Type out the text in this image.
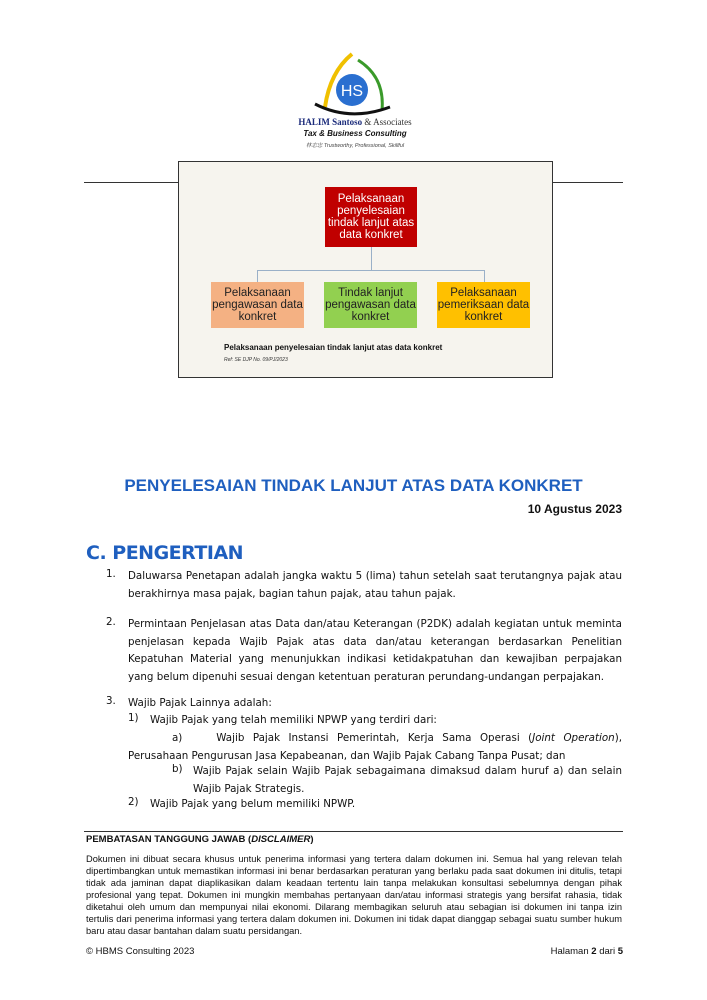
HS
HALIM Santoso & Associates
Tax & Business Consulting
林志忠 Trustworthy, Professional, Skillful
Pelaksanaan penyelesaian tindak lanjut atas data konkret
Pelaksanaan pengawasan data konkret
Tindak lanjut pengawasan data konkret
Pelaksanaan pemeriksaan data konkret
Pelaksanaan penyelesaian tindak lanjut atas data konkret
Ref: SE DJP No. 09/PJ/2023
PENYELESAIAN TINDAK LANJUT ATAS DATA KONKRET
10 Agustus 2023
C. PENGERTIAN
1. Daluwarsa Penetapan adalah jangka waktu 5 (lima) tahun setelah saat terutangnya pajak atau berakhirnya masa pajak, bagian tahun pajak, atau tahun pajak.
2. Permintaan Penjelasan atas Data dan/atau Keterangan (P2DK) adalah kegiatan untuk meminta penjelasan kepada Wajib Pajak atas data dan/atau keterangan berdasarkan Penelitian Kepatuhan Material yang menunjukkan indikasi ketidakpatuhan dan kewajiban perpajakan yang belum dipenuhi sesuai dengan ketentuan peraturan perundang-undangan perpajakan.
3. Wajib Pajak Lainnya adalah:
1) Wajib Pajak yang telah memiliki NPWP yang terdiri dari:
a)	Wajib Pajak Instansi Pemerintah, Kerja Sama Operasi (Joint Operation), Perusahaan Pengurusan Jasa Kepabeanan, dan Wajib Pajak Cabang Tanpa Pusat; dan
b) Wajib Pajak selain Wajib Pajak sebagaimana dimaksud dalam huruf a) dan selain Wajib Pajak Strategis.
2) Wajib Pajak yang belum memiliki NPWP.
PEMBATASAN TANGGUNG JAWAB (DISCLAIMER)
Dokumen ini dibuat secara khusus untuk penerima informasi yang tertera dalam dokumen ini. Semua hal yang relevan telah dipertimbangkan untuk memastikan informasi ini benar berdasarkan peraturan yang berlaku pada saat dokumen ini ditulis, tetapi tidak ada jaminan dapat diaplikasikan dalam keadaan tertentu lain tanpa melakukan konsultasi sebelumnya dengan pihak profesional yang tepat. Dokumen ini mungkin membahas pertanyaan dan/atau informasi strategis yang bersifat rahasia, tidak diketahui oleh umum dan mempunyai nilai ekonomi. Dilarang membagikan seluruh atau sebagian isi dokumen ini tanpa izin tertulis dari penerima informasi yang tertera dalam dokumen ini. Dokumen ini tidak dapat dianggap sebagai suatu sumber hukum baru atau dasar bantahan dalam suatu persidangan.
© HBMS Consulting 2023	Halaman 2 dari 5
